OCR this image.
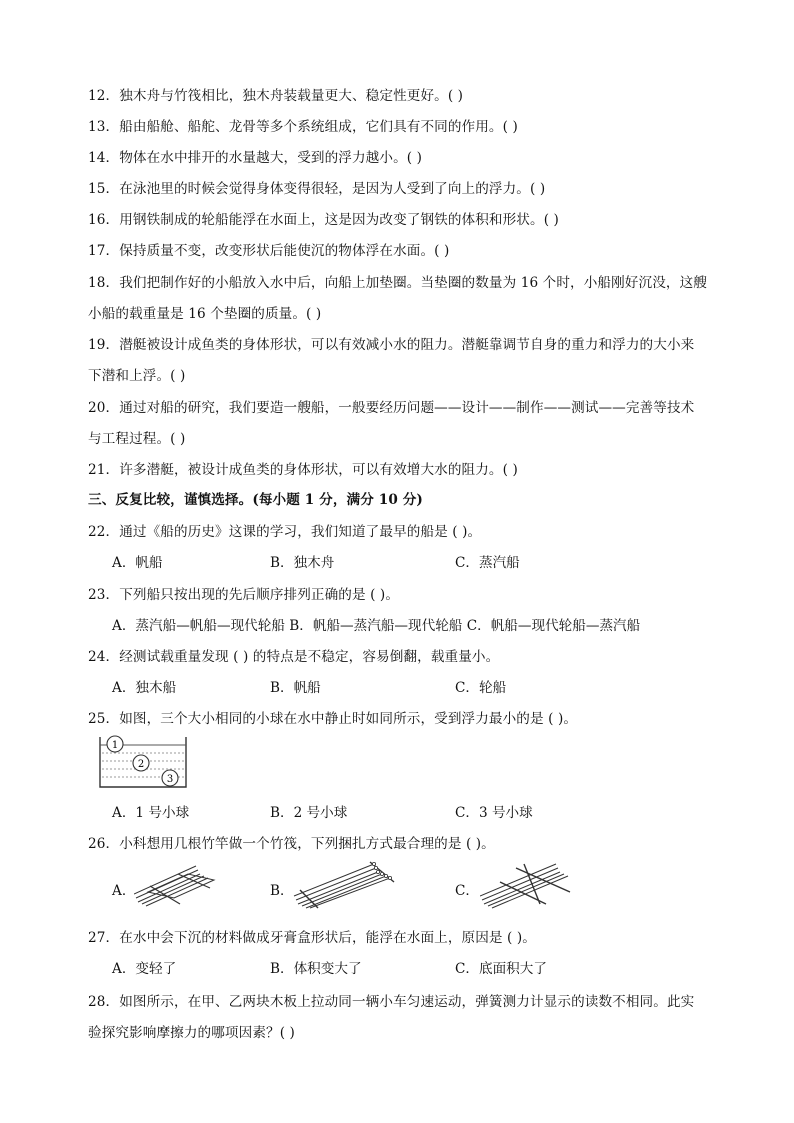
12．独木舟与竹筏相比，独木舟装载量更大、稳定性更好。( )
13．船由船舱、船舵、龙骨等多个系统组成，它们具有不同的作用。( )
14．物体在水中排开的水量越大，受到的浮力越小。( )
15．在泳池里的时候会觉得身体变得很轻，是因为人受到了向上的浮力。( )
16．用钢铁制成的轮船能浮在水面上，这是因为改变了钢铁的体积和形状。( )
17．保持质量不变，改变形状后能使沉的物体浮在水面。( )
18．我们把制作好的小船放入水中后，向船上加垫圈。当垫圈的数量为 16 个时，小船刚好沉没，这艘
小船的载重量是 16 个垫圈的质量。( )
19．潜艇被设计成鱼类的身体形状，可以有效减小水的阻力。潜艇靠调节自身的重力和浮力的大小来
下潜和上浮。( )
20．通过对船的研究，我们要造一艘船，一般要经历问题——设计——制作——测试——完善等技术
与工程过程。( )
21．许多潜艇，被设计成鱼类的身体形状，可以有效增大水的阻力。( )
三、反复比较，谨慎选择。(每小题 1 分，满分 10 分)
22．通过《船的历史》这课的学习，我们知道了最早的船是 ( )。
A．帆船	B．独木舟	C．蒸汽船
23．下列船只按出现的先后顺序排列正确的是 ( )。
A．蒸汽船—帆船—现代轮船 B．帆船—蒸汽船—现代轮船 C．帆船—现代轮船—蒸汽船
24．经测试载重量发现 ( ) 的特点是不稳定，容易倒翻，载重量小。
A．独木船	B．帆船	C．轮船
25．如图，三个大小相同的小球在水中静止时如同所示，受到浮力最小的是 ( )。
1
2
3
A．1 号小球	B．2 号小球	C．3 号小球
26．小科想用几根竹竿做一个竹筏，下列捆扎方式最合理的是 ( )。
A．	B．	C．
27．在水中会下沉的材料做成牙膏盒形状后，能浮在水面上，原因是 ( )。
A．变轻了	B．体积变大了	C．底面积大了
28．如图所示，在甲、乙两块木板上拉动同一辆小车匀速运动，弹簧测力计显示的读数不相同。此实
验探究影响摩擦力的哪项因素？( )
